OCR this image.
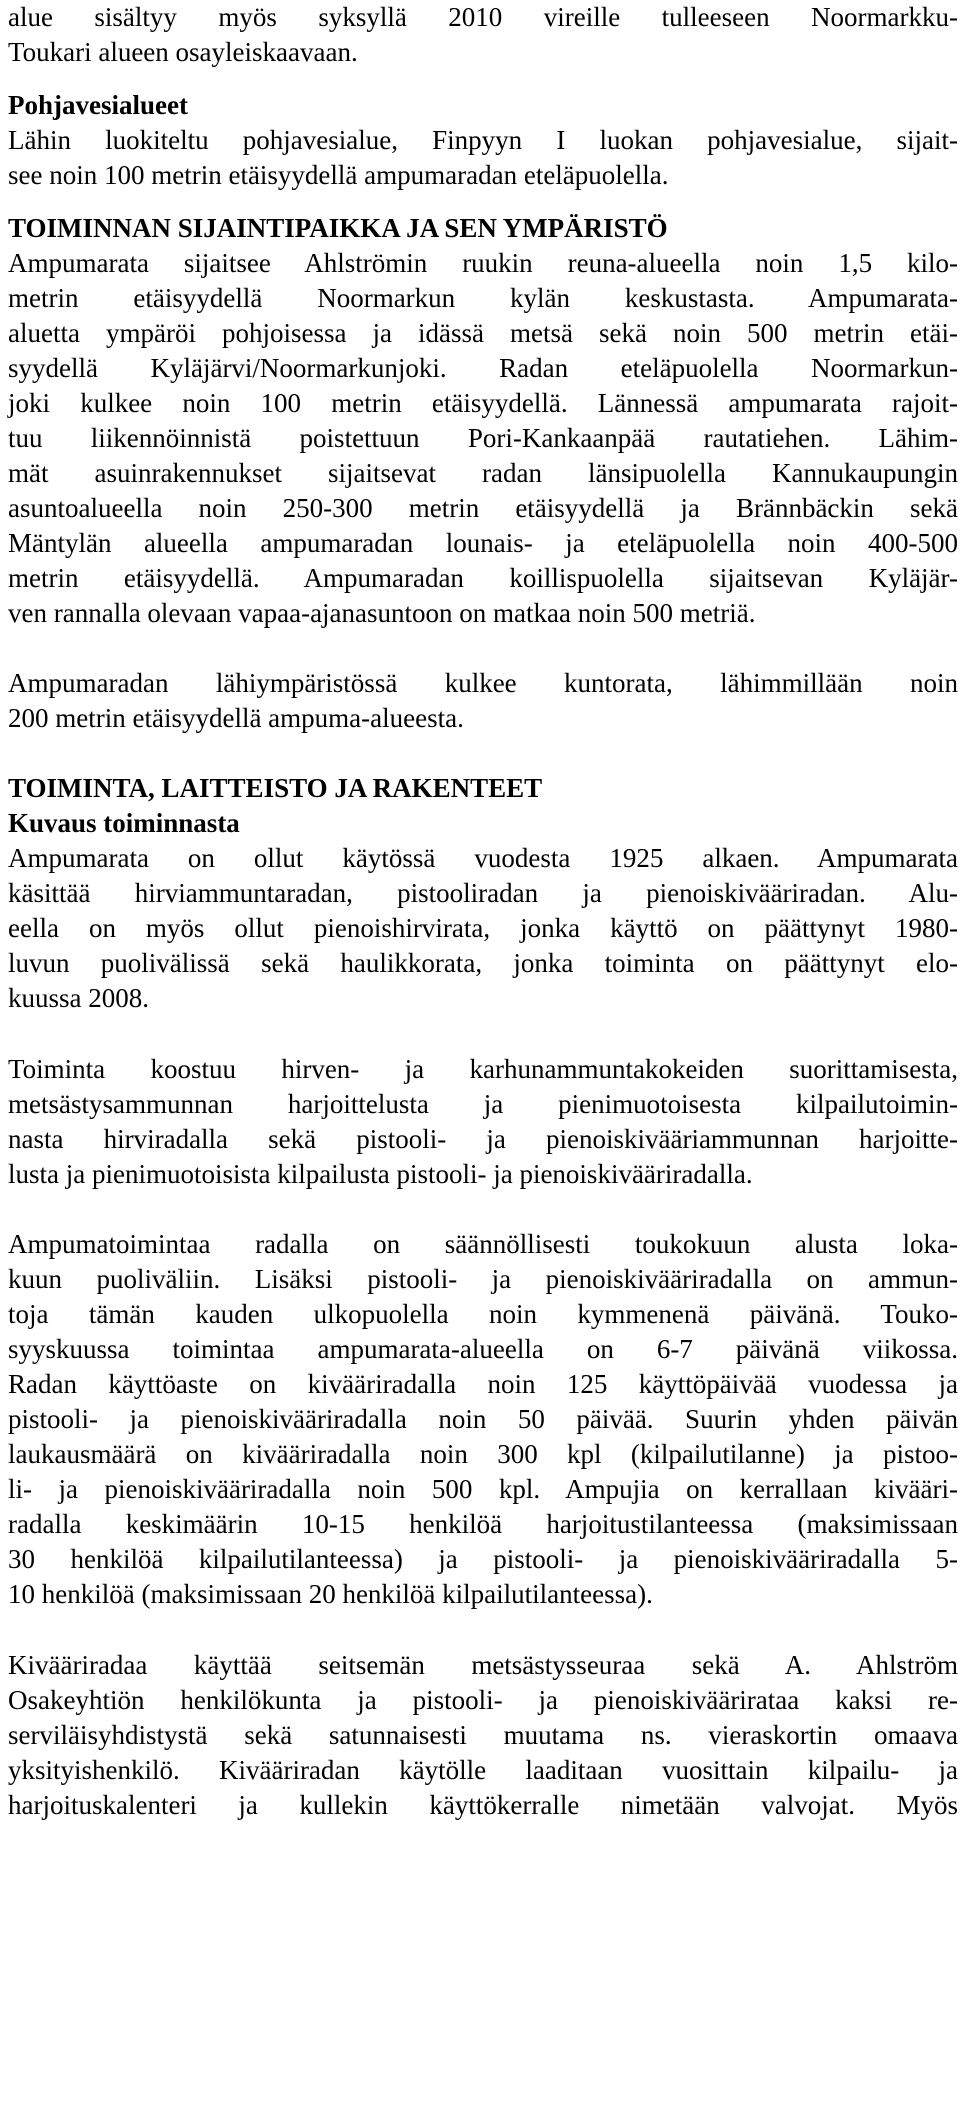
alue sisältyy myös syksyllä 2010 vireille tulleeseen Noormarkku-
Toukari alueen osayleiskaavaan.
Pohjavesialueet
Lähin luokiteltu pohjavesialue, Finpyyn I luokan pohjavesialue, sijait-
see noin 100 metrin etäisyydellä ampumaradan eteläpuolella.
TOIMINNAN SIJAINTIPAIKKA JA SEN YMPÄRISTÖ
Ampumarata sijaitsee Ahlströmin ruukin reuna-alueella noin 1,5 kilo-
metrin etäisyydellä Noormarkun kylän keskustasta. Ampumarata-
aluetta ympäröi pohjoisessa ja idässä metsä sekä noin 500 metrin etäi-
syydellä Kyläjärvi/Noormarkunjoki. Radan eteläpuolella Noormarkun-
joki kulkee noin 100 metrin etäisyydellä. Lännessä ampumarata rajoit-
tuu liikennöinnistä poistettuun Pori-Kankaanpää rautatiehen. Lähim-
mät asuinrakennukset sijaitsevat radan länsipuolella Kannukaupungin
asuntoalueella noin 250-300 metrin etäisyydellä ja Brännbäckin sekä
Mäntylän alueella ampumaradan lounais- ja eteläpuolella noin 400-500
metrin etäisyydellä. Ampumaradan koillispuolella sijaitsevan Kyläjär-
ven rannalla olevaan vapaa-ajanasuntoon on matkaa noin 500 metriä.
Ampumaradan lähiympäristössä kulkee kuntorata, lähimmillään noin
200 metrin etäisyydellä ampuma-alueesta.
TOIMINTA, LAITTEISTO JA RAKENTEET
Kuvaus toiminnasta
Ampumarata on ollut käytössä vuodesta 1925 alkaen. Ampumarata
käsittää hirviammuntaradan, pistooliradan ja pienoiskivääriradan. Alu-
eella on myös ollut pienoishirvirata, jonka käyttö on päättynyt 1980-
luvun puolivälissä sekä haulikkorata, jonka toiminta on päättynyt elo-
kuussa 2008.
Toiminta koostuu hirven- ja karhunammuntakokeiden suorittamisesta,
metsästysammunnan harjoittelusta ja pienimuotoisesta kilpailutoimin-
nasta hirviradalla sekä pistooli- ja pienoiskivääriammunnan harjoitte-
lusta ja pienimuotoisista kilpailusta pistooli- ja pienoiskivääriradalla.
Ampumatoimintaa radalla on säännöllisesti toukokuun alusta loka-
kuun puoliväliin. Lisäksi pistooli- ja pienoiskivääriradalla on ammun-
toja tämän kauden ulkopuolella noin kymmenenä päivänä. Touko-
syyskuussa toimintaa ampumarata-alueella on 6-7 päivänä viikossa.
Radan käyttöaste on kivääriradalla noin 125 käyttöpäivää vuodessa ja
pistooli- ja pienoiskivääriradalla noin 50 päivää. Suurin yhden päivän
laukausmäärä on kivääriradalla noin 300 kpl (kilpailutilanne) ja pistoo-
li- ja pienoiskivääriradalla noin 500 kpl. Ampujia on kerrallaan kivääri-
radalla keskimäärin 10-15 henkilöä harjoitustilanteessa (maksimissaan
30 henkilöä kilpailutilanteessa) ja pistooli- ja pienoiskivääriradalla 5-
10 henkilöä (maksimissaan 20 henkilöä kilpailutilanteessa).
Kivääriradaa käyttää seitsemän metsästysseuraa sekä A. Ahlström
Osakeyhtiön henkilökunta ja pistooli- ja pienoiskiväärirataa kaksi re-
serviläisyhdistystä sekä satunnaisesti muutama ns. vieraskortin omaava
yksityishenkilö. Kivääriradan käytölle laaditaan vuosittain kilpailu- ja
harjoituskalenteri ja kullekin käyttökerralle nimetään valvojat. Myös
